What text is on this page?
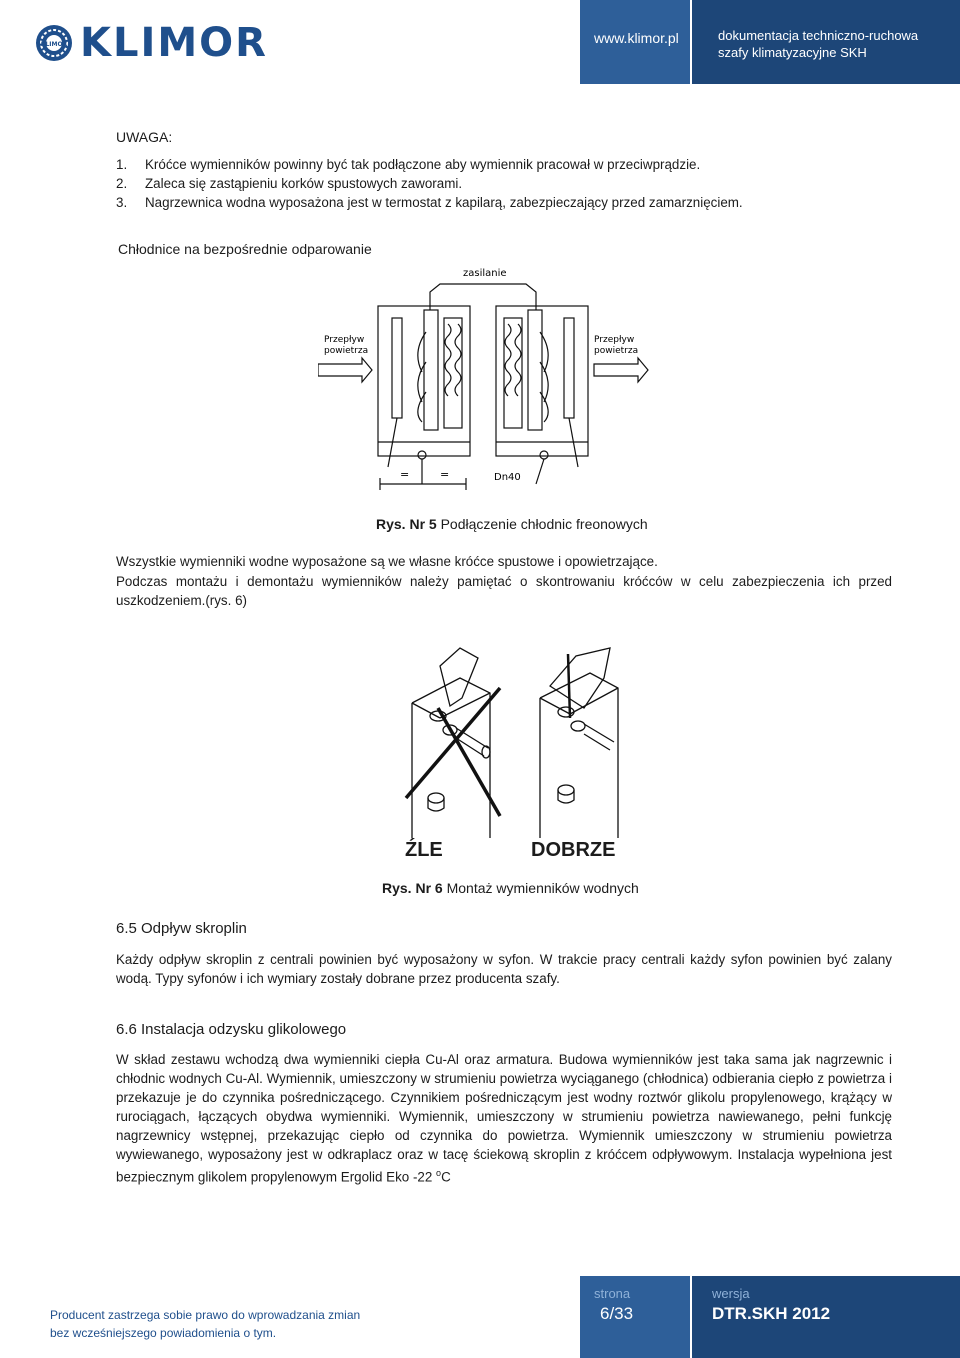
KLIMOR KLIMOR	www.klimor.pl	dokumentacja techniczno-ruchowa
szafy klimatyzacyjne SKH
UWAGA:
1. Króćce wymienników powinny być tak podłączone aby wymiennik pracował w przeciwprądzie.
2. Zaleca się zastąpieniu korków spustowych zaworami.
3. Nagrzewnica wodna wyposażona jest w termostat z kapilarą, zabezpieczający przed zamarznięciem.
Chłodnice na bezpośrednie odparowanie
zasilanie
Przepływ
powietrza
Przepływ
powietrza
=	=	Dn40
Rys. Nr 5 Podłączenie chłodnic freonowych
Wszystkie wymienniki wodne wyposażone są we własne króćce spustowe i opowietrzające.
Podczas montażu i demontażu wymienników należy pamiętać o skontrowaniu króćców w celu zabezpieczenia ich przed uszkodzeniem.(rys. 6)
ŹLE	DOBRZE
Rys. Nr 6 Montaż wymienników wodnych
6.5 Odpływ skroplin
Każdy odpływ skroplin z centrali powinien być wyposażony w syfon. W trakcie pracy centrali każdy syfon powinien być zalany wodą. Typy syfonów i ich wymiary zostały dobrane przez producenta szafy.
6.6 Instalacja odzysku glikolowego
W skład zestawu wchodzą dwa wymienniki ciepła Cu-Al oraz armatura. Budowa wymienników jest taka sama jak nagrzewnic i chłodnic wodnych Cu-Al. Wymiennik, umieszczony w strumieniu powietrza wyciąganego (chłodnica) odbierania ciepło z powietrza i przekazuje je do czynnika pośredniczącego. Czynnikiem pośredniczącym jest wodny roztwór glikolu propylenowego, krążący w rurociągach, łączących obydwa wymienniki. Wymiennik, umieszczony w strumieniu powietrza nawiewanego, pełni funkcję nagrzewnicy wstępnej, przekazując ciepło od czynnika do powietrza. Wymiennik umieszczony w strumieniu powietrza wywiewanego, wyposażony jest w odkraplacz oraz w tacę ściekową skroplin z króćcem odpływowym. Instalacja wypełniona jest bezpiecznym glikolem propylenowym Ergolid Eko -22 $^o$C
Producent zastrzega sobie prawo do wprowadzania zmian
bez wcześniejszego powiadomienia o tym.
strona
6/33
wersja
DTR.SKH 2012
